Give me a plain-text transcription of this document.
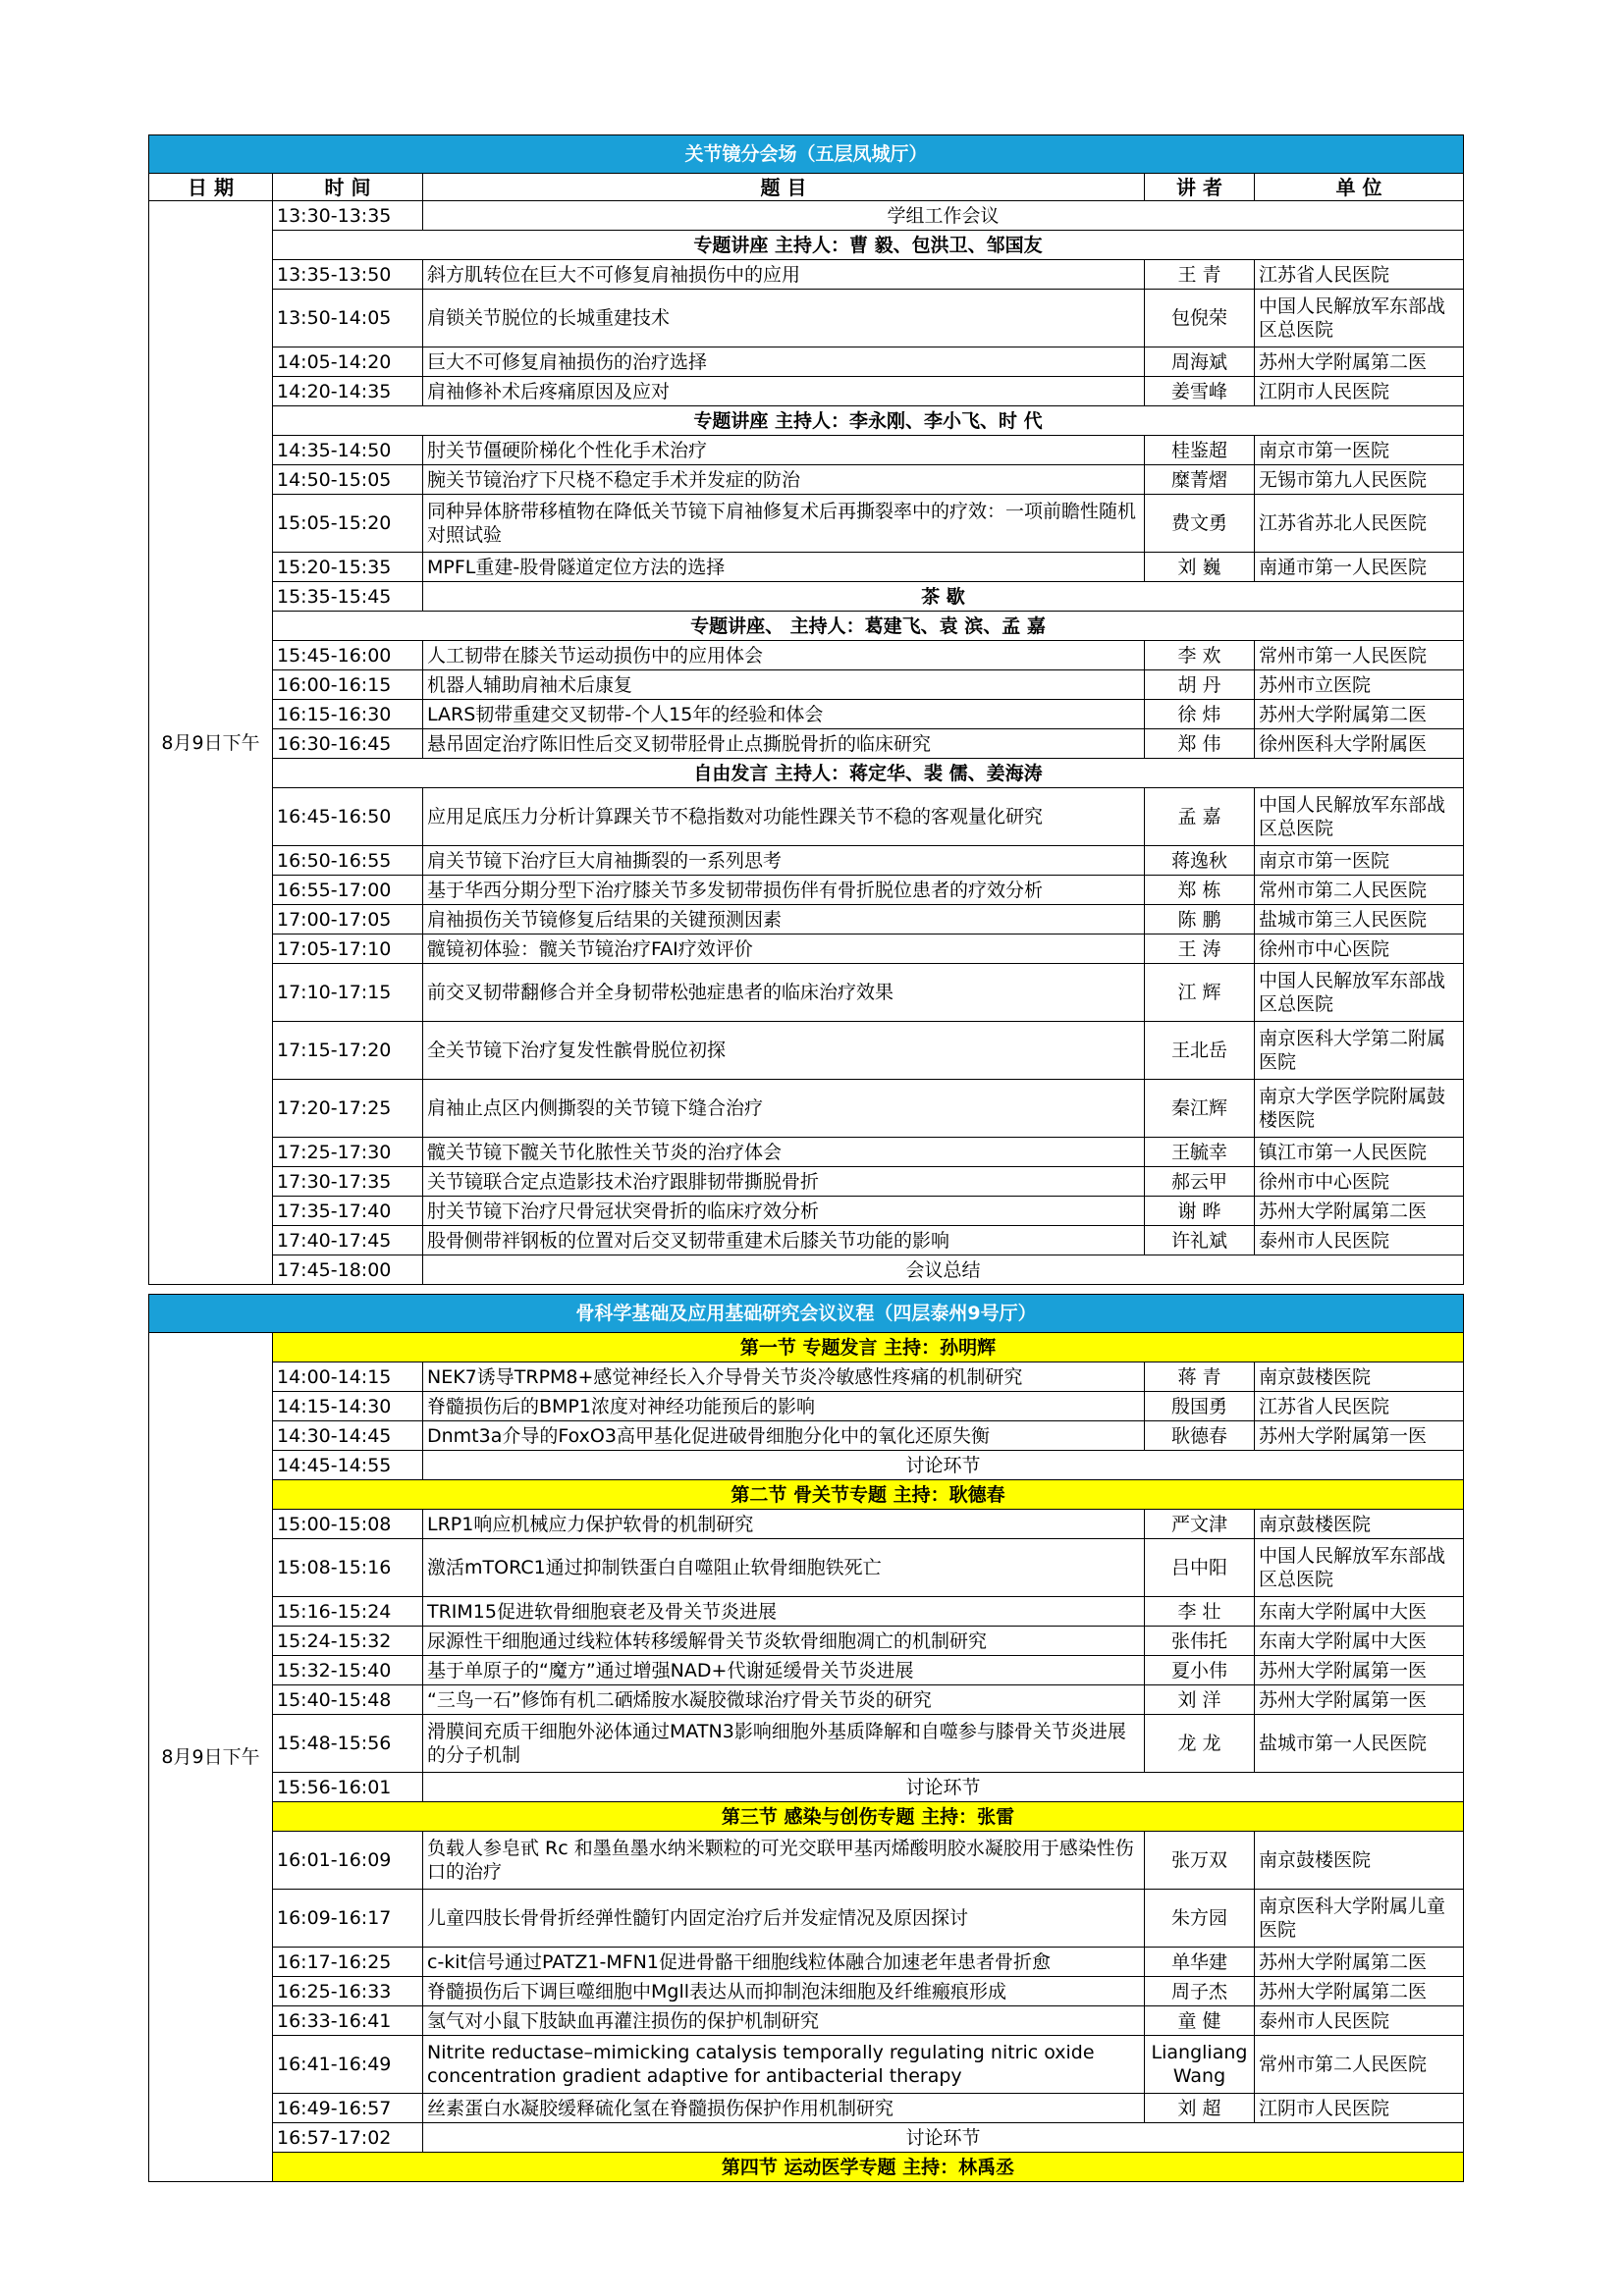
关节镜分会场（五层凤城厅）				
日 期	时 间	题 目	讲 者	单 位
8月9日下午	13:30-13:35	学组工作会议		
	专题讲座 主持人：曹 毅、包洪卫、邹国友			
	13:35-13:50	斜方肌转位在巨大不可修复肩袖损伤中的应用	王 青	江苏省人民医院
	13:50-14:05	肩锁关节脱位的长城重建技术	包倪荣	中国人民解放军东部战区总医院
	14:05-14:20	巨大不可修复肩袖损伤的治疗选择	周海斌	苏州大学附属第二医
	14:20-14:35	肩袖修补术后疼痛原因及应对	姜雪峰	江阴市人民医院
	专题讲座 主持人：李永刚、李小飞、时 代			
	14:35-14:50	肘关节僵硬阶梯化个性化手术治疗	桂鉴超	南京市第一医院
	14:50-15:05	腕关节镜治疗下尺桡不稳定手术并发症的防治	糜菁熠	无锡市第九人民医院
	15:05-15:20	同种异体脐带移植物在降低关节镜下肩袖修复术后再撕裂率中的疗效：一项前瞻性随机对照试验	费文勇	江苏省苏北人民医院
	15:20-15:35	MPFL重建-股骨隧道定位方法的选择	刘 巍	南通市第一人民医院
	15:35-15:45	茶 歇		
	专题讲座、 主持人：葛建飞、袁 滨、孟 嘉			
	15:45-16:00	人工韧带在膝关节运动损伤中的应用体会	李 欢	常州市第一人民医院
	16:00-16:15	机器人辅助肩袖术后康复	胡 丹	苏州市立医院
	16:15-16:30	LARS韧带重建交叉韧带-个人15年的经验和体会	徐 炜	苏州大学附属第二医
	16:30-16:45	悬吊固定治疗陈旧性后交叉韧带胫骨止点撕脱骨折的临床研究	郑 伟	徐州医科大学附属医
	自由发言 主持人：蒋定华、裴 儒、姜海涛			
	16:45-16:50	应用足底压力分析计算踝关节不稳指数对功能性踝关节不稳的客观量化研究	孟 嘉	中国人民解放军东部战区总医院
	16:50-16:55	肩关节镜下治疗巨大肩袖撕裂的一系列思考	蒋逸秋	南京市第一医院
	16:55-17:00	基于华西分期分型下治疗膝关节多发韧带损伤伴有骨折脱位患者的疗效分析	郑 栋	常州市第二人民医院
	17:00-17:05	肩袖损伤关节镜修复后结果的关键预测因素	陈 鹏	盐城市第三人民医院
	17:05-17:10	髋镜初体验：髋关节镜治疗FAI疗效评价	王 涛	徐州市中心医院
	17:10-17:15	前交叉韧带翻修合并全身韧带松弛症患者的临床治疗效果	江 辉	中国人民解放军东部战区总医院
	17:15-17:20	全关节镜下治疗复发性髌骨脱位初探	王北岳	南京医科大学第二附属医院
	17:20-17:25	肩袖止点区内侧撕裂的关节镜下缝合治疗	秦江辉	南京大学医学院附属鼓楼医院
	17:25-17:30	髋关节镜下髋关节化脓性关节炎的治疗体会	王毓幸	镇江市第一人民医院
	17:30-17:35	关节镜联合定点造影技术治疗跟腓韧带撕脱骨折	郝云甲	徐州市中心医院
	17:35-17:40	肘关节镜下治疗尺骨冠状突骨折的临床疗效分析	谢 晔	苏州大学附属第二医
	17:40-17:45	股骨侧带袢钢板的位置对后交叉韧带重建术后膝关节功能的影响	许礼斌	泰州市人民医院
	17:45-18:00	会议总结		
骨科学基础及应用基础研究会议议程（四层泰州9号厅）				
8月9日下午	第一节 专题发言 主持：孙明辉			
	14:00-14:15	NEK7诱导TRPM8+感觉神经长入介导骨关节炎冷敏感性疼痛的机制研究	蒋 青	南京鼓楼医院
	14:15-14:30	脊髓损伤后的BMP1浓度对神经功能预后的影响	殷国勇	江苏省人民医院
	14:30-14:45	Dnmt3a介导的FoxO3高甲基化促进破骨细胞分化中的氧化还原失衡	耿德春	苏州大学附属第一医
	14:45-14:55	讨论环节		
	第二节 骨关节专题 主持：耿德春			
	15:00-15:08	LRP1响应机械应力保护软骨的机制研究	严文津	南京鼓楼医院
	15:08-15:16	激活mTORC1通过抑制铁蛋白自噬阻止软骨细胞铁死亡	吕中阳	中国人民解放军东部战区总医院
	15:16-15:24	TRIM15促进软骨细胞衰老及骨关节炎进展	李 壮	东南大学附属中大医
	15:24-15:32	尿源性干细胞通过线粒体转移缓解骨关节炎软骨细胞凋亡的机制研究	张伟托	东南大学附属中大医
	15:32-15:40	基于单原子的“魔方”通过增强NAD+代谢延缓骨关节炎进展	夏小伟	苏州大学附属第一医
	15:40-15:48	“三鸟一石”修饰有机二硒烯胺水凝胶微球治疗骨关节炎的研究	刘 洋	苏州大学附属第一医
	15:48-15:56	滑膜间充质干细胞外泌体通过MATN3影响细胞外基质降解和自噬参与膝骨关节炎进展的分子机制	龙 龙	盐城市第一人民医院
	15:56-16:01	讨论环节		
	第三节 感染与创伤专题 主持：张雷			
	16:01-16:09	负载人参皂甙 Rc 和墨鱼墨水纳米颗粒的可光交联甲基丙烯酸明胶水凝胶用于感染性伤口的治疗	张万双	南京鼓楼医院
	16:09-16:17	儿童四肢长骨骨折经弹性髓钉内固定治疗后并发症情况及原因探讨	朱方园	南京医科大学附属儿童医院
	16:17-16:25	c-kit信号通过PATZ1-MFN1促进骨骼干细胞线粒体融合加速老年患者骨折愈	单华建	苏州大学附属第二医
	16:25-16:33	脊髓损伤后下调巨噬细胞中Mgll表达从而抑制泡沫细胞及纤维瘢痕形成	周子杰	苏州大学附属第二医
	16:33-16:41	氢气对小鼠下肢缺血再灌注损伤的保护机制研究	童 健	泰州市人民医院
	16:41-16:49	Nitrite reductase–mimicking catalysis temporally regulating nitric oxide concentration gradient adaptive for antibacterial therapy	Liangliang Wang	常州市第二人民医院
	16:49-16:57	丝素蛋白水凝胶缓释硫化氢在脊髓损伤保护作用机制研究	刘 超	江阴市人民医院
	16:57-17:02	讨论环节		
	第四节 运动医学专题 主持：林禹丞			
